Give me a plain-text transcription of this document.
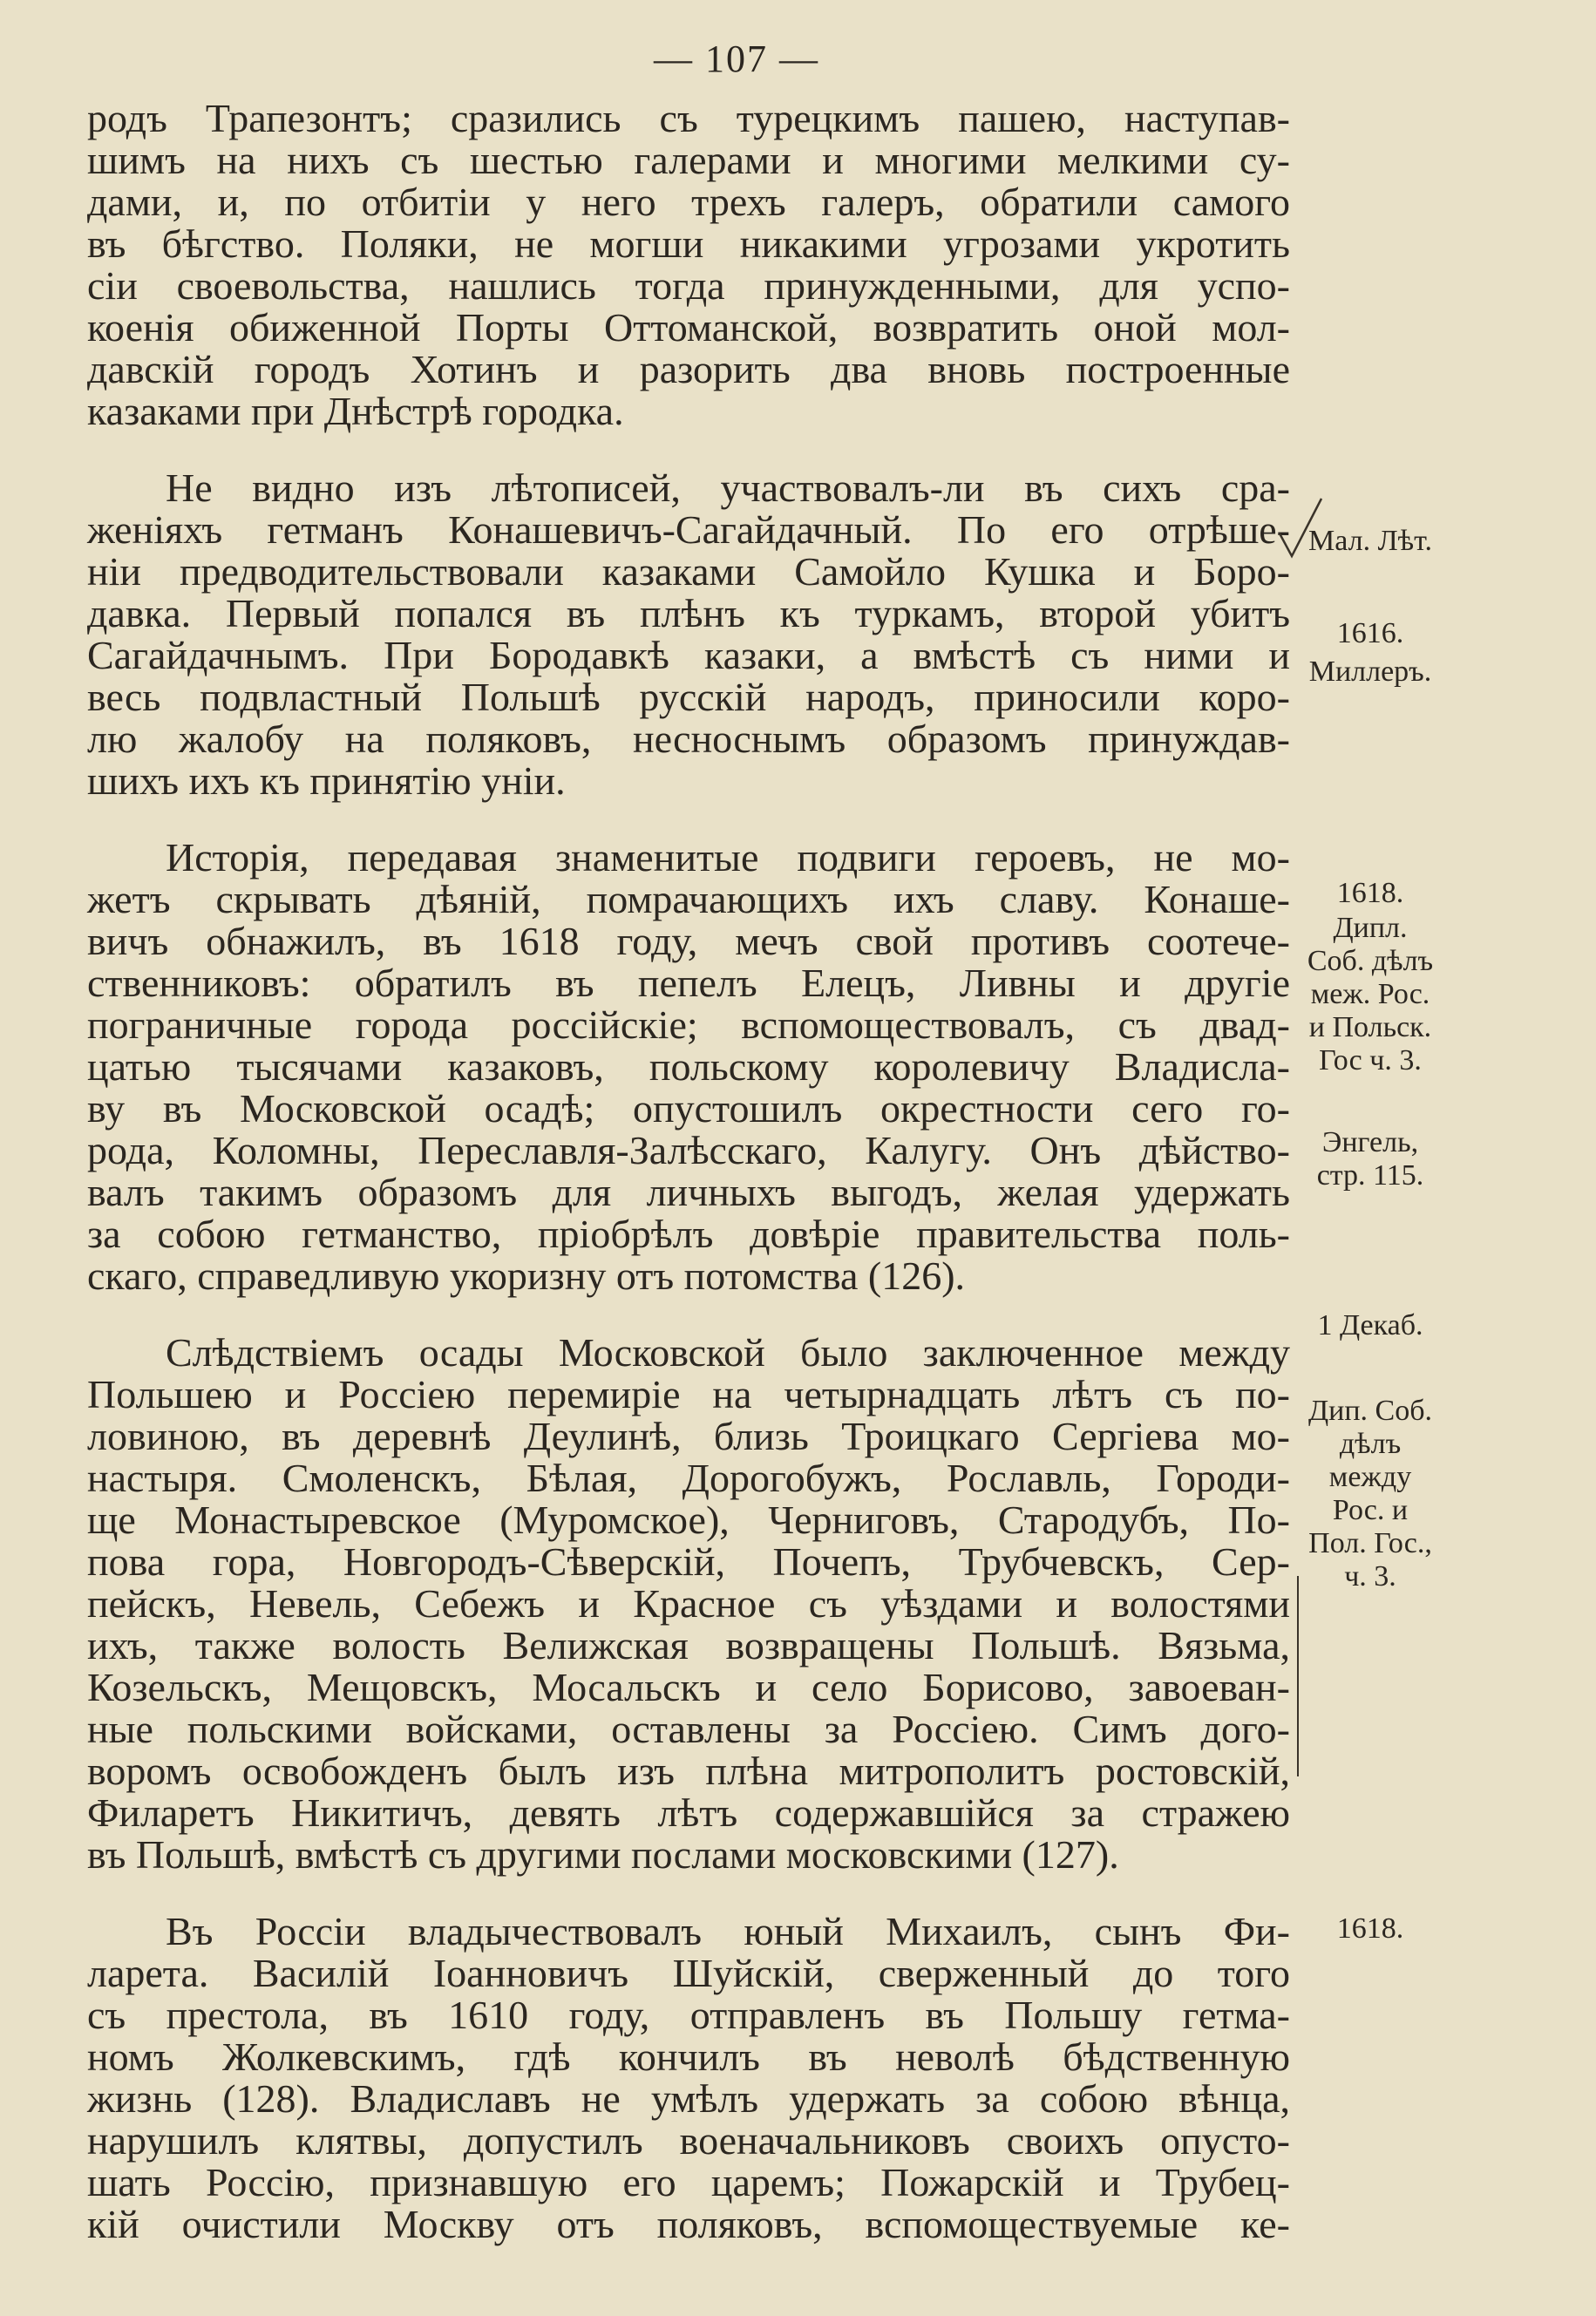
— 107 —
родъ Трапезонтъ; сразились съ турецкимъ пашею, наступав-
шимъ на нихъ съ шестью галерами и многими мелкими су-
дами, и, по отбитіи у него трехъ галеръ, обратили самого
въ бѣгство. Поляки, не могши никакими угрозами укротить
сіи своевольства, нашлись тогда принужденными, для успо-
коенія обиженной Порты Оттоманской, возвратить оной мол-
давскій городъ Хотинъ и разорить два вновь построенные
казаками при Днѣстрѣ городка.
Не видно изъ лѣтописей, участвовалъ-ли въ сихъ сра-
женіяхъ гетманъ Конашевичъ-Сагайдачный. По его отрѣше-
ніи предводительствовали казаками Самойло Кушка и Боро-
давка. Первый попался въ плѣнъ къ туркамъ, второй убитъ
Сагайдачнымъ. При Бородавкѣ казаки, а вмѣстѣ съ ними и
весь подвластный Польшѣ русскій народъ, приносили коро-
лю жалобу на поляковъ, несноснымъ образомъ принуждав-
шихъ ихъ къ принятію уніи.
Исторія, передавая знаменитые подвиги героевъ, не мо-
жетъ скрывать дѣяній, помрачающихъ ихъ славу. Конаше-
вичъ обнажилъ, въ 1618 году, мечъ свой противъ соотече-
ственниковъ: обратилъ въ пепелъ Елецъ, Ливны и другіе
пограничные города россійскіе; вспомоществовалъ, съ двад-
цатью тысячами казаковъ, польскому королевичу Владисла-
ву въ Московской осадѣ; опустошилъ окрестности сего го-
рода, Коломны, Переславля-Залѣсскаго, Калугу. Онъ дѣйство-
валъ такимъ образомъ для личныхъ выгодъ, желая удержать
за собою гетманство, пріобрѣлъ довѣріе правительства поль-
скаго, справедливую укоризну отъ потомства (126).
Слѣдствіемъ осады Московской было заключенное между
Польшею и Россіею перемиріе на четырнадцать лѣтъ съ по-
ловиною, въ деревнѣ Деулинѣ, близь Троицкаго Сергіева мо-
настыря. Смоленскъ, Бѣлая, Дорогобужъ, Рославль, Городи-
ще Монастыревское (Муромское), Черниговъ, Стародубъ, По-
пова гора, Новгородъ-Сѣверскій, Почепъ, Трубчевскъ, Сер-
пейскъ, Невель, Себежъ и Красное съ уѣздами и волостями
ихъ, также волость Велижская возвращены Польшѣ. Вязьма,
Козельскъ, Мещовскъ, Мосальскъ и село Борисово, завоеван-
ные польскими войсками, оставлены за Россіею. Симъ дого-
воромъ освобожденъ былъ изъ плѣна митрополитъ ростовскій,
Филаретъ Никитичъ, девять лѣтъ содержавшійся за стражею
въ Польшѣ, вмѣстѣ съ другими послами московскими (127).
Въ Россіи владычествовалъ юный Михаилъ, сынъ Фи-
ларета. Василій Іоанновичъ Шуйскій, сверженный до того
съ престола, въ 1610 году, отправленъ въ Польшу гетма-
номъ Жолкевскимъ, гдѣ кончилъ въ неволѣ бѣдственную
жизнь (128). Владиславъ не умѣлъ удержать за собою вѣнца,
нарушилъ клятвы, допустилъ военачальниковъ своихъ опусто-
шать Россію, признавшую его царемъ; Пожарскій и Трубец-
кій очистили Москву отъ поляковъ, вспомоществуемые ке-
Мал. Лѣт.
1616.
Миллеръ.
1618.
Дипл.
Соб. дѣлъ
меж. Рос.
и Польск.
Гос ч. 3.
Энгель,
стр. 115.
1 Декаб.
Дип. Соб.
дѣлъ
между
Рос. и
Пол. Гос.,
ч. 3.
1618.
